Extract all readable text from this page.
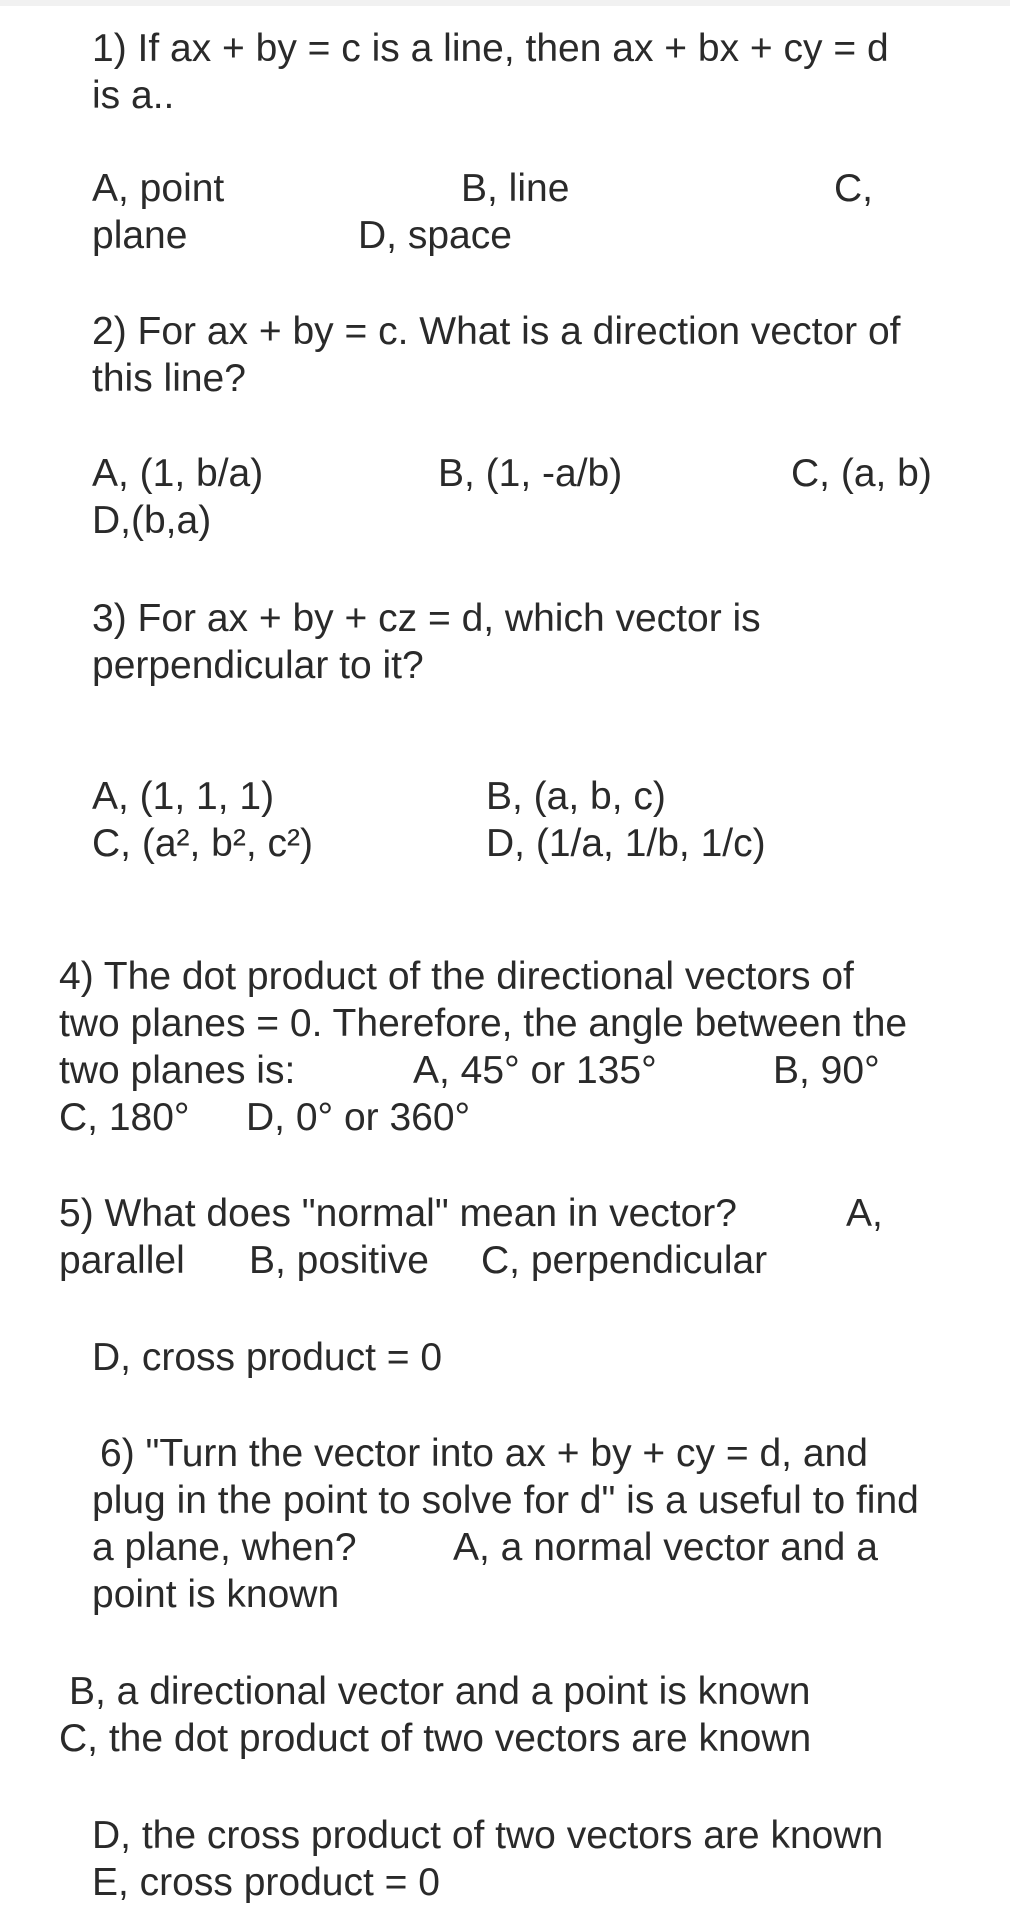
1) If ax + by = c is a line, then ax + bx + cy = d

is a..

A, point	B, line	C,

plane	D, space

2) For ax + by = c. What is a direction vector of

this line?

A, (1, b/a)	B, (1, -a/b)	C, (a, b)

D,(b,a)

3) For ax + by + cz = d, which vector is

perpendicular to it?

A, (1, 1, 1)	B, (a, b, c)

C, (a², b², c²)	D, (1/a, 1/b, 1/c)

4) The dot product of the directional vectors of

two planes = 0. Therefore, the angle between the

two planes is:	A, 45° or 135°	B, 90°

C, 180° D, 0° or 360°

5) What does "normal" mean in vector?	A,

parallel B, positive C, perpendicular

D, cross product = 0

6) "Turn the vector into ax + by + cy = d, and

plug in the point to solve for d" is a useful to find

a plane, when? A, a normal vector and a

point is known

B, a directional vector and a point is known

C, the dot product of two vectors are known

D, the cross product of two vectors are known

E, cross product = 0
